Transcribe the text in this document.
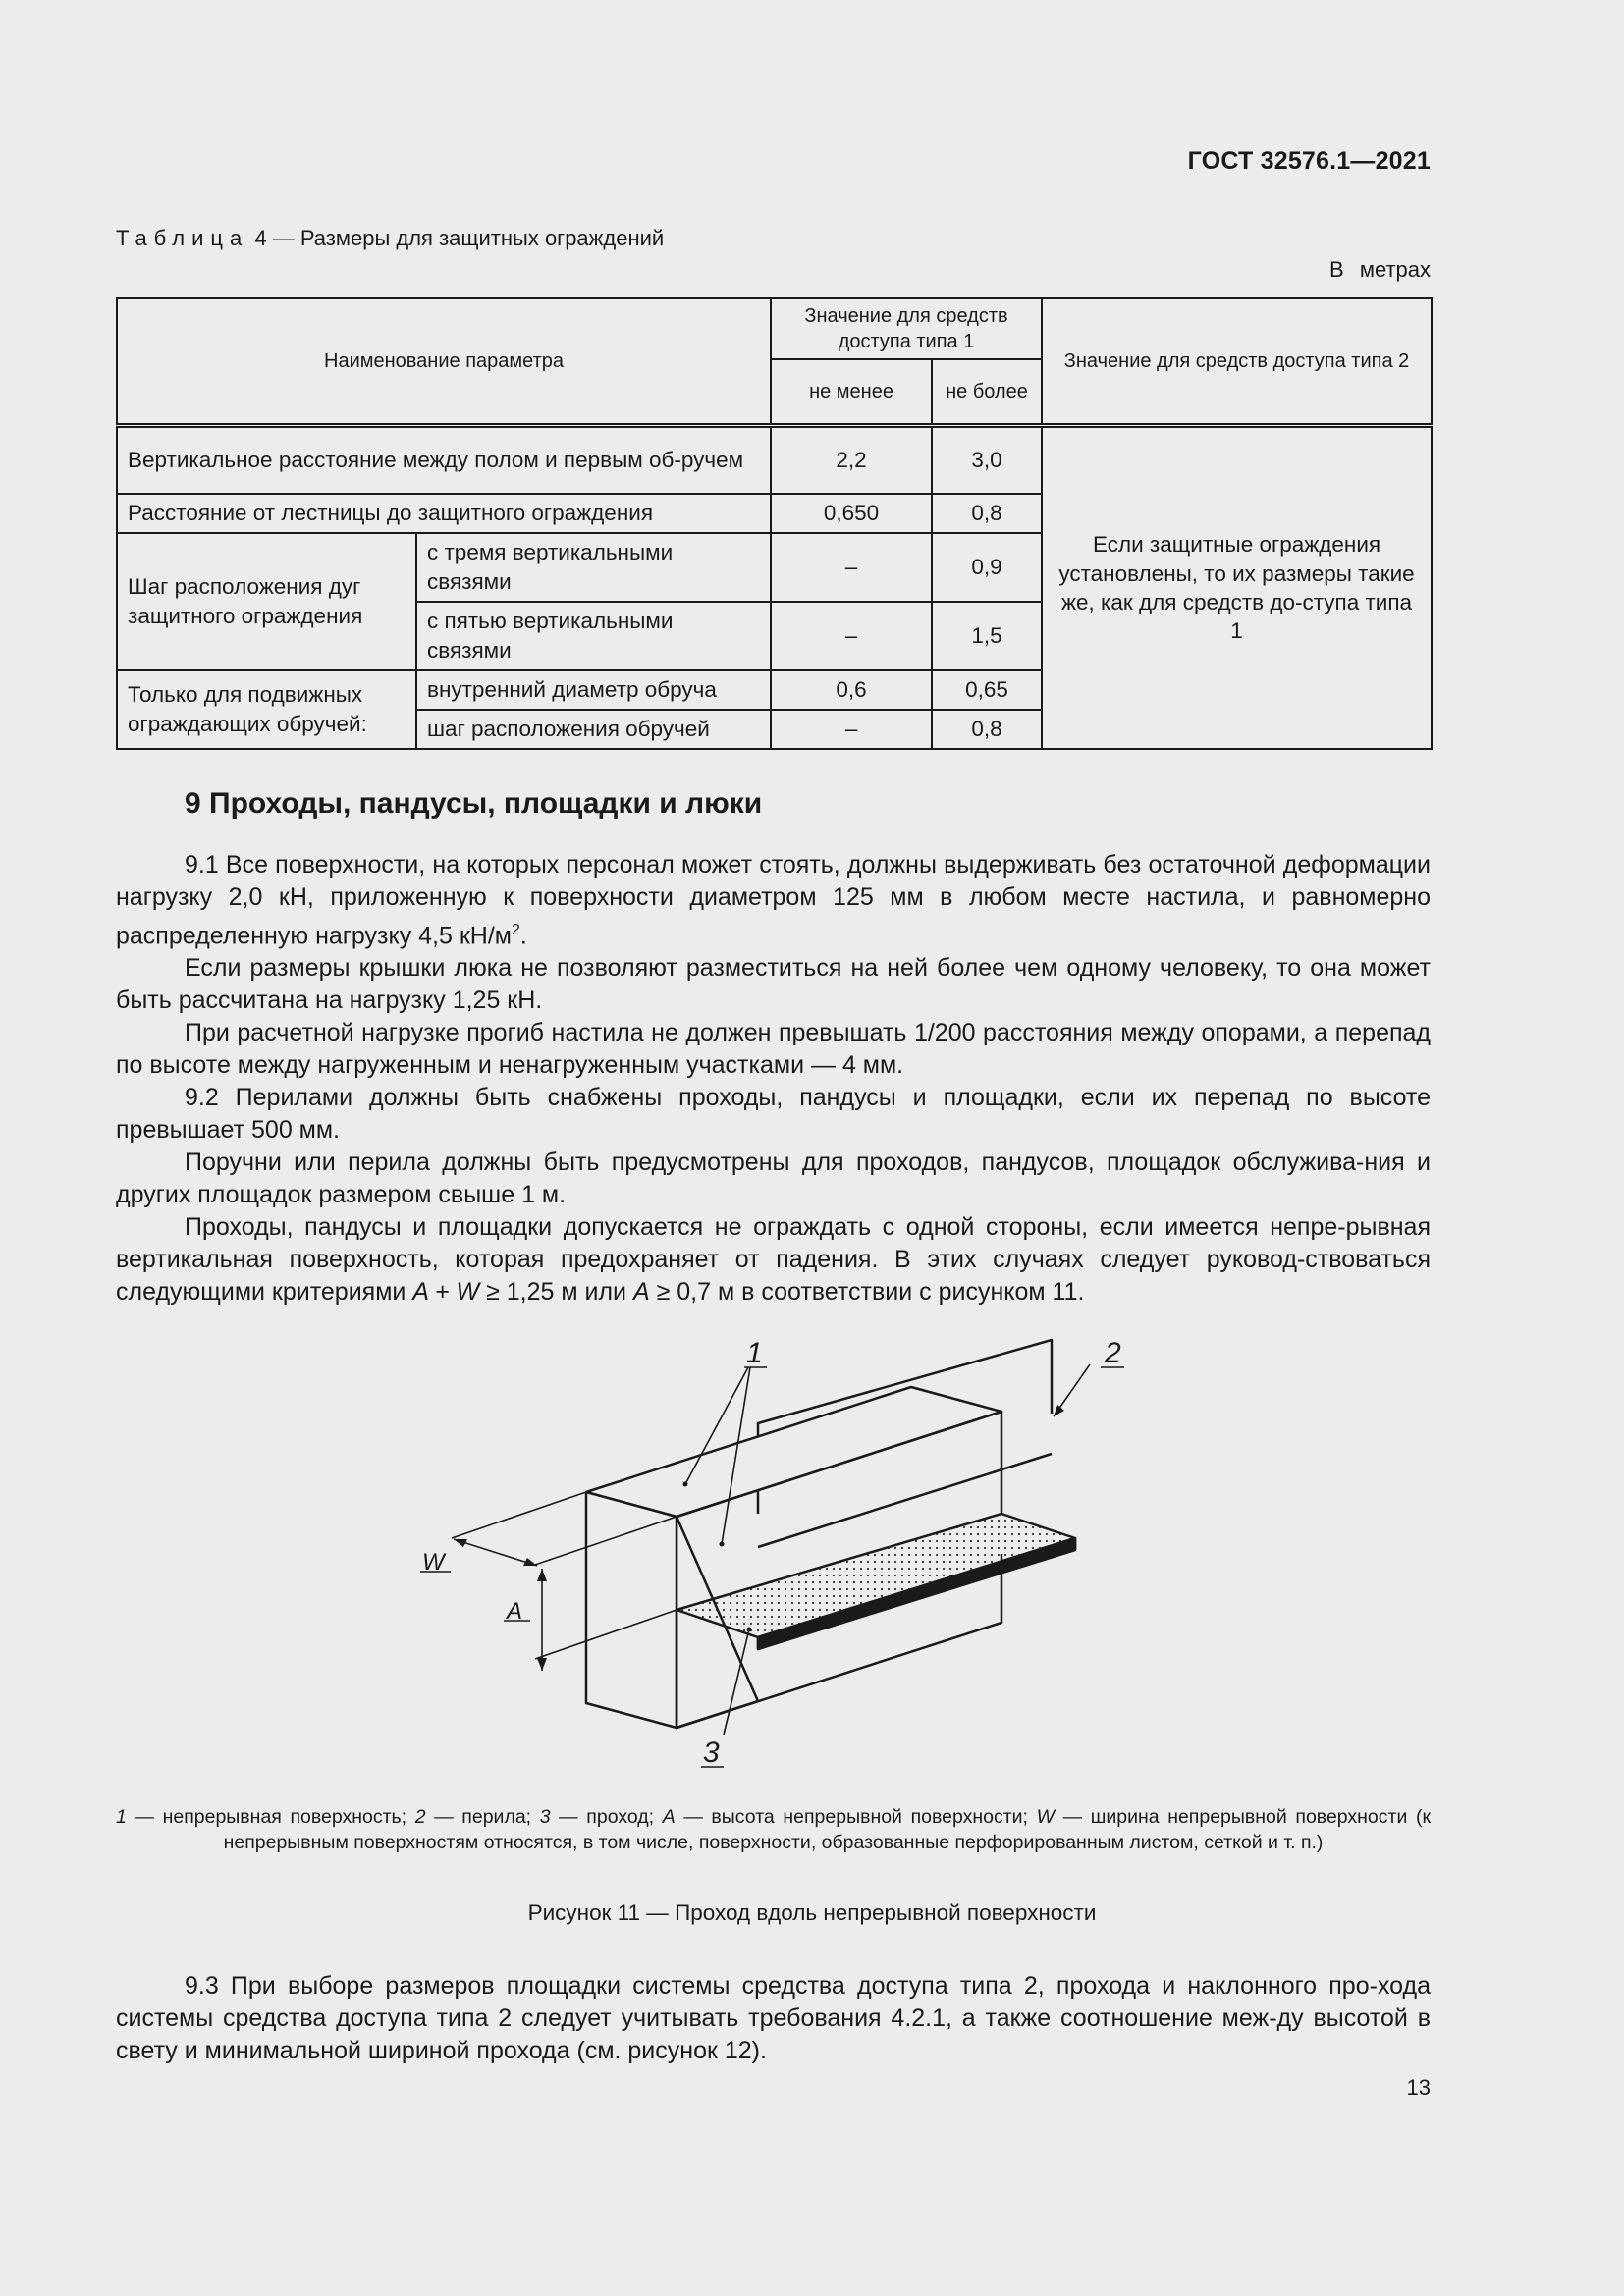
ГОСТ 32576.1—2021
Таблица 4 — Размеры для защитных ограждений
В метрах
Наименование параметра		Значение для средств доступа типа 1		Значение для средств доступа типа 2
		не менее	не более	
Вертикальное расстояние между полом и первым об-ручем		2,2	3,0	Если защитные ограждения установлены, то их размеры такие же, как для средств до-ступа типа 1
Расстояние от лестницы до защитного ограждения		0,650	0,8	
Шаг расположения дуг защитного ограждения	с тремя вертикальными связями	–	0,9	
	с пятью вертикальными связями	–	1,5	
Только для подвижных ограждающих обручей:	внутренний диаметр обруча	0,6	0,65	
	шаг расположения обручей	–	0,8	
9 Проходы, пандусы, площадки и люки

9.1 Все поверхности, на которых персонал может стоять, должны выдерживать без остаточной деформации нагрузку 2,0 кН, приложенную к поверхности диаметром 125 мм в любом месте настила, и равномерно распределенную нагрузку 4,5 $кН/м^2$.

Если размеры крышки люка не позволяют разместиться на ней более чем одному человеку, то она может быть рассчитана на нагрузку 1,25 кН.

При расчетной нагрузке прогиб настила не должен превышать 1/200 расстояния между опорами, а перепад по высоте между нагруженным и ненагруженным участками — 4 мм.

9.2 Перилами должны быть снабжены проходы, пандусы и площадки, если их перепад по высоте превышает 500 мм.

Поручни или перила должны быть предусмотрены для проходов, пандусов, площадок обслужива-ния и других площадок размером свыше 1 м.

Проходы, пандусы и площадки допускается не ограждать с одной стороны, если имеется непре-рывная вертикальная поверхность, которая предохраняет от падения. В этих случаях следует руковод-ствоваться следующими критериями A + W ≥ 1,25 м или A ≥ 0,7 м в соответствии с рисунком 11.

1	2
3
W
A
1 — непрерывная поверхность; 2 — перила; 3 — проход; A — высота непрерывной поверхности; W — ширина непрерывной поверхности (к непрерывным поверхностям относятся, в том числе, поверхности, образованные перфорированным листом, сеткой и т. п.)
Рисунок 11 — Проход вдоль непрерывной поверхности

9.3 При выборе размеров площадки системы средства доступа типа 2, прохода и наклонного про-хода системы средства доступа типа 2 следует учитывать требования 4.2.1, а также соотношение меж-ду высотой в свету и минимальной шириной прохода (см. рисунок 12).

13
